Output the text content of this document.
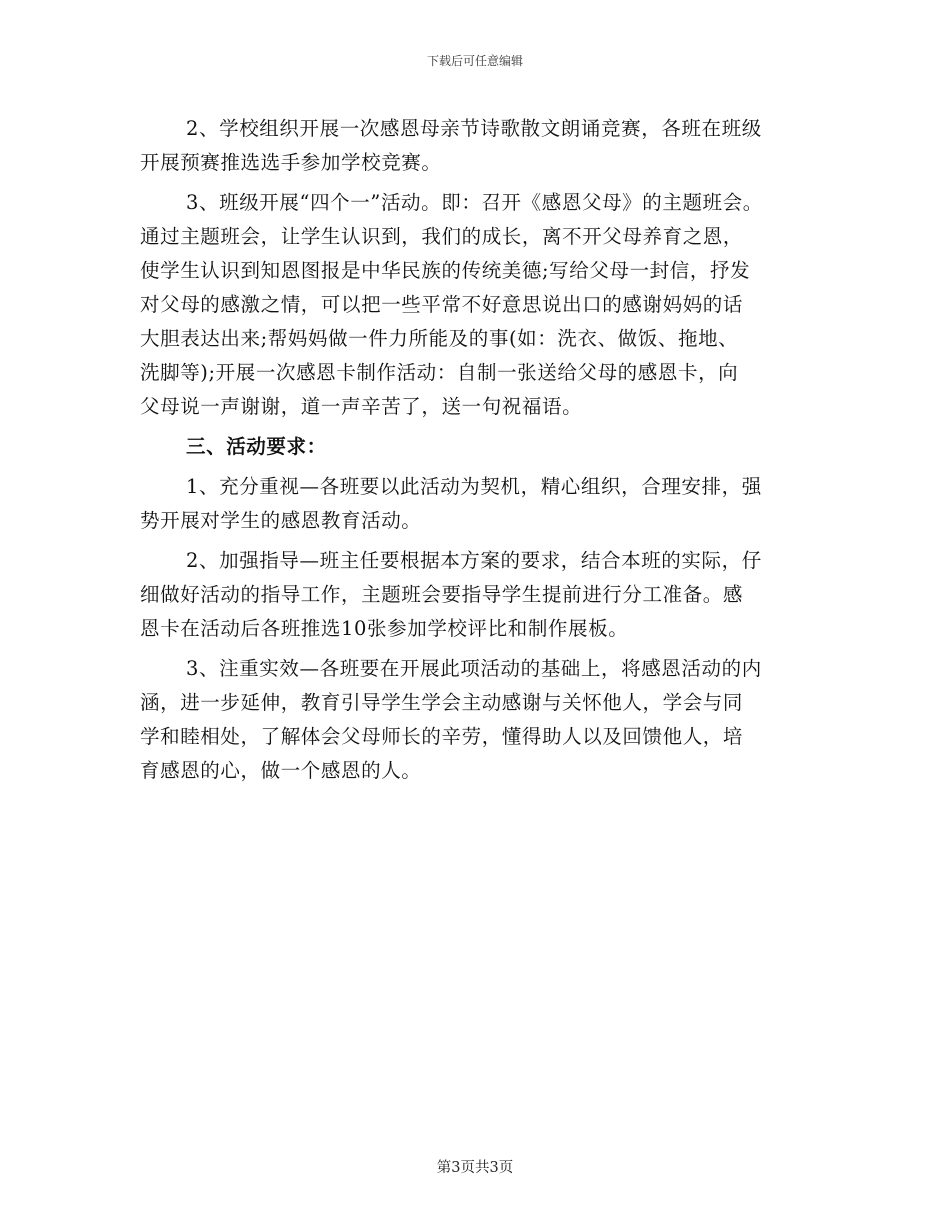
下载后可任意编辑
2、学校组织开展一次感恩母亲节诗歌散文朗诵竞赛，各班在班级
开展预赛推选选手参加学校竞赛。
3、班级开展“四个一”活动。即：召开《感恩父母》的主题班会。
通过主题班会，让学生认识到，我们的成长，离不开父母养育之恩，
使学生认识到知恩图报是中华民族的传统美德;写给父母一封信，抒发
对父母的感激之情，可以把一些平常不好意思说出口的感谢妈妈的话
大胆表达出来;帮妈妈做一件力所能及的事(如：洗衣、做饭、拖地、
洗脚等);开展一次感恩卡制作活动：自制一张送给父母的感恩卡，向
父母说一声谢谢，道一声辛苦了，送一句祝福语。
三、活动要求：
1、充分重视—各班要以此活动为契机，精心组织，合理安排，强
势开展对学生的感恩教育活动。
2、加强指导—班主任要根据本方案的要求，结合本班的实际，仔
细做好活动的指导工作，主题班会要指导学生提前进行分工准备。感
恩卡在活动后各班推选10张参加学校评比和制作展板。
3、注重实效—各班要在开展此项活动的基础上，将感恩活动的内
涵，进一步延伸，教育引导学生学会主动感谢与关怀他人，学会与同
学和睦相处，了解体会父母师长的辛劳，懂得助人以及回馈他人，培
育感恩的心，做一个感恩的人。
第3页共3页
